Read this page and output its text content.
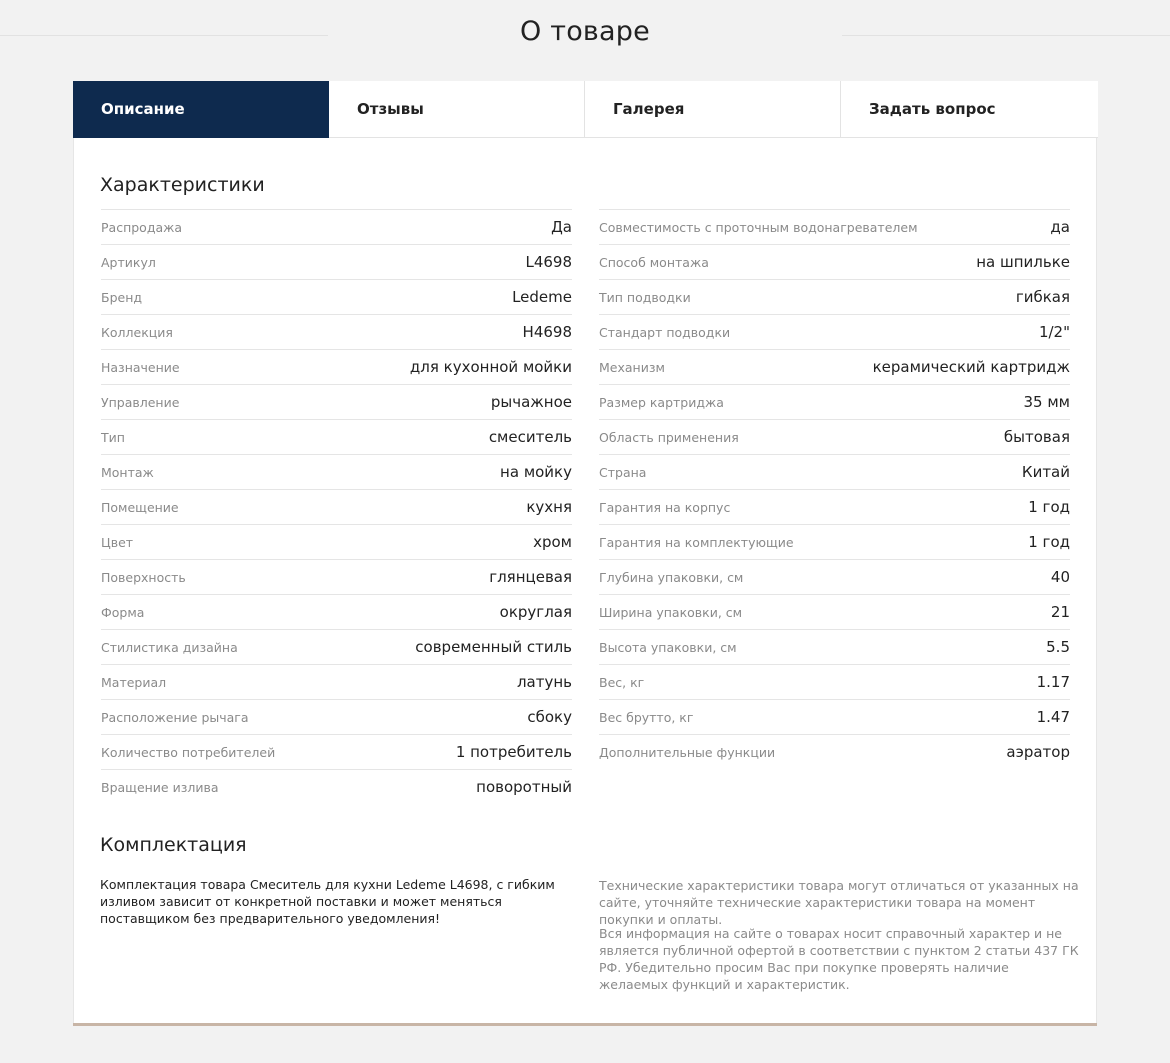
О товаре
Описание	Отзывы	Галерея	Задать вопрос
Характеристики
Распродажа	Да
Артикул	L4698
Бренд	Ledeme
Коллекция	H4698
Назначение	для кухонной мойки
Управление	рычажное
Тип	смеситель
Монтаж	на мойку
Помещение	кухня
Цвет	хром
Поверхность	глянцевая
Форма	округлая
Стилистика дизайна	современный стиль
Материал	латунь
Расположение рычага	сбоку
Количество потребителей	1 потребитель
Вращение излива	поворотный
Совместимость с проточным водонагревателем	да
Способ монтажа	на шпильке
Тип подводки	гибкая
Стандарт подводки	1/2"
Механизм	керамический картридж
Размер картриджа	35 мм
Область применения	бытовая
Страна	Китай
Гарантия на корпус	1 год
Гарантия на комплектующие	1 год
Глубина упаковки, см	40
Ширина упаковки, см	21
Высота упаковки, см	5.5
Вес, кг	1.17
Вес брутто, кг	1.47
Дополнительные функции	аэратор
Комплектация

Комплектация товара Смеситель для кухни Ledeme L4698, с гибким изливом зависит от конкретной поставки и может меняться поставщиком без предварительного уведомления!

Технические характеристики товара могут отличаться от указанных на сайте, уточняйте технические характеристики товара на момент покупки и оплаты.

Вся информация на сайте о товарах носит справочный характер и не является публичной офертой в соответствии с пунктом 2 статьи 437 ГК РФ. Убедительно просим Вас при покупке проверять наличие желаемых функций и характеристик.
